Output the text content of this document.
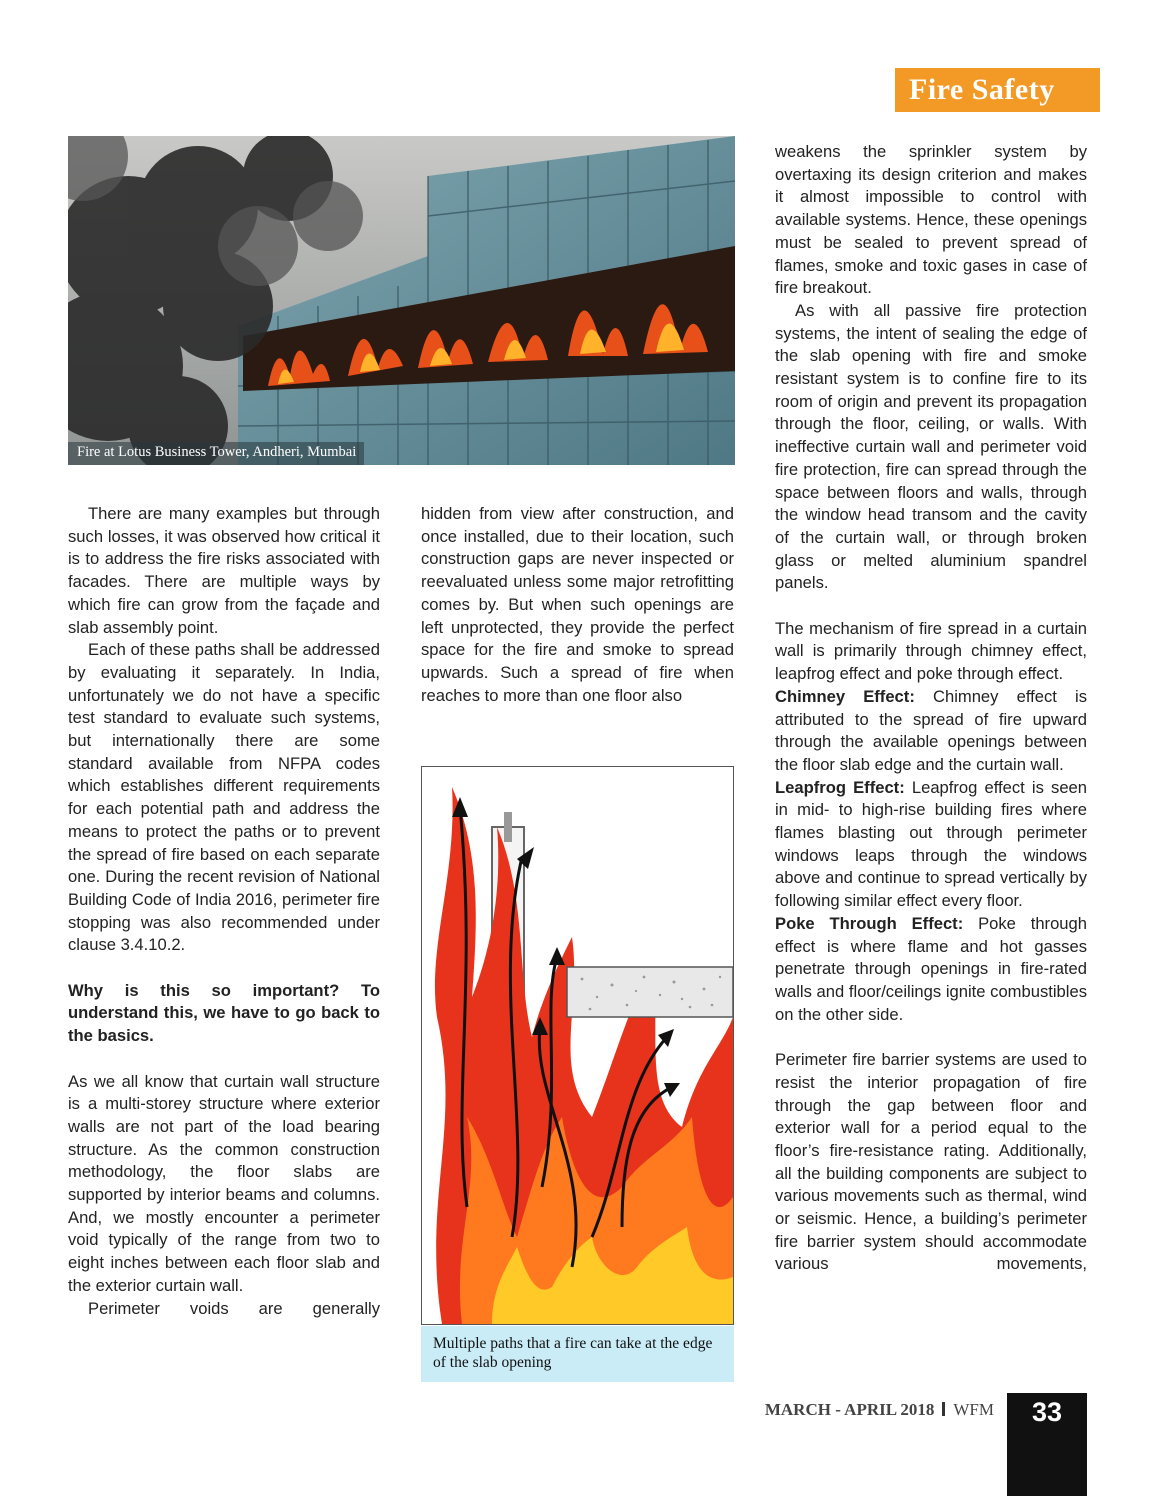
Fire Safety
Fire at Lotus Business Tower, Andheri, Mumbai

There are many examples but through such losses, it was observed how critical it is to address the fire risks associated with facades. There are multiple ways by which fire can grow from the façade and slab assembly point.

Each of these paths shall be addressed by evaluating it separately. In India, unfortunately we do not have a specific test standard to evaluate such systems, but internationally there are some standard available from NFPA codes which establishes different requirements for each potential path and address the means to protect the paths or to prevent the spread of fire based on each separate one. During the recent revision of National Building Code of India 2016, perimeter fire stopping was also recommended under clause 3.4.10.2.

Why is this so important? To understand this, we have to go back to the basics.

As we all know that curtain wall structure is a multi-storey structure where exterior walls are not part of the load bearing structure. As the common construction methodology, the floor slabs are supported by interior beams and columns. And, we mostly encounter a perimeter void typically of the range from two to eight inches between each floor slab and the exterior curtain wall.

Perimeter voids are generally

hidden from view after construction, and once installed, due to their location, such construction gaps are never inspected or reevaluated unless some major retrofitting comes by. But when such openings are left unprotected, they provide the perfect space for the fire and smoke to spread upwards. Such a spread of fire when reaches to more than one floor also

Multiple paths that a fire can take at the edge of the slab opening

weakens the sprinkler system by overtaxing its design criterion and makes it almost impossible to control with available systems. Hence, these openings must be sealed to prevent spread of flames, smoke and toxic gases in case of fire breakout.

As with all passive fire protection systems, the intent of sealing the edge of the slab opening with fire and smoke resistant system is to confine fire to its room of origin and prevent its propagation through the floor, ceiling, or walls. With ineffective curtain wall and perimeter void fire protection, fire can spread through the space between floors and walls, through the window head transom and the cavity of the curtain wall, or through broken glass or melted aluminium spandrel panels.

The mechanism of fire spread in a curtain wall is primarily through chimney effect, leapfrog effect and poke through effect.

Chimney Effect: Chimney effect is attributed to the spread of fire upward through the available openings between the floor slab edge and the curtain wall.

Leapfrog Effect: Leapfrog effect is seen in mid- to high-rise building fires where flames blasting out through perimeter windows leaps through the windows above and continue to spread vertically by following similar effect every floor.

Poke Through Effect: Poke through effect is where flame and hot gasses penetrate through openings in fire-rated walls and floor/ceilings ignite combustibles on the other side.

Perimeter fire barrier systems are used to resist the interior propagation of fire through the gap between floor and exterior wall for a period equal to the floor’s fire-resistance rating. Additionally, all the building components are subject to various movements such as thermal, wind or seismic. Hence, a building’s perimeter fire barrier system should accommodate various movements,

MARCH - APRIL 2018 WFM	33
